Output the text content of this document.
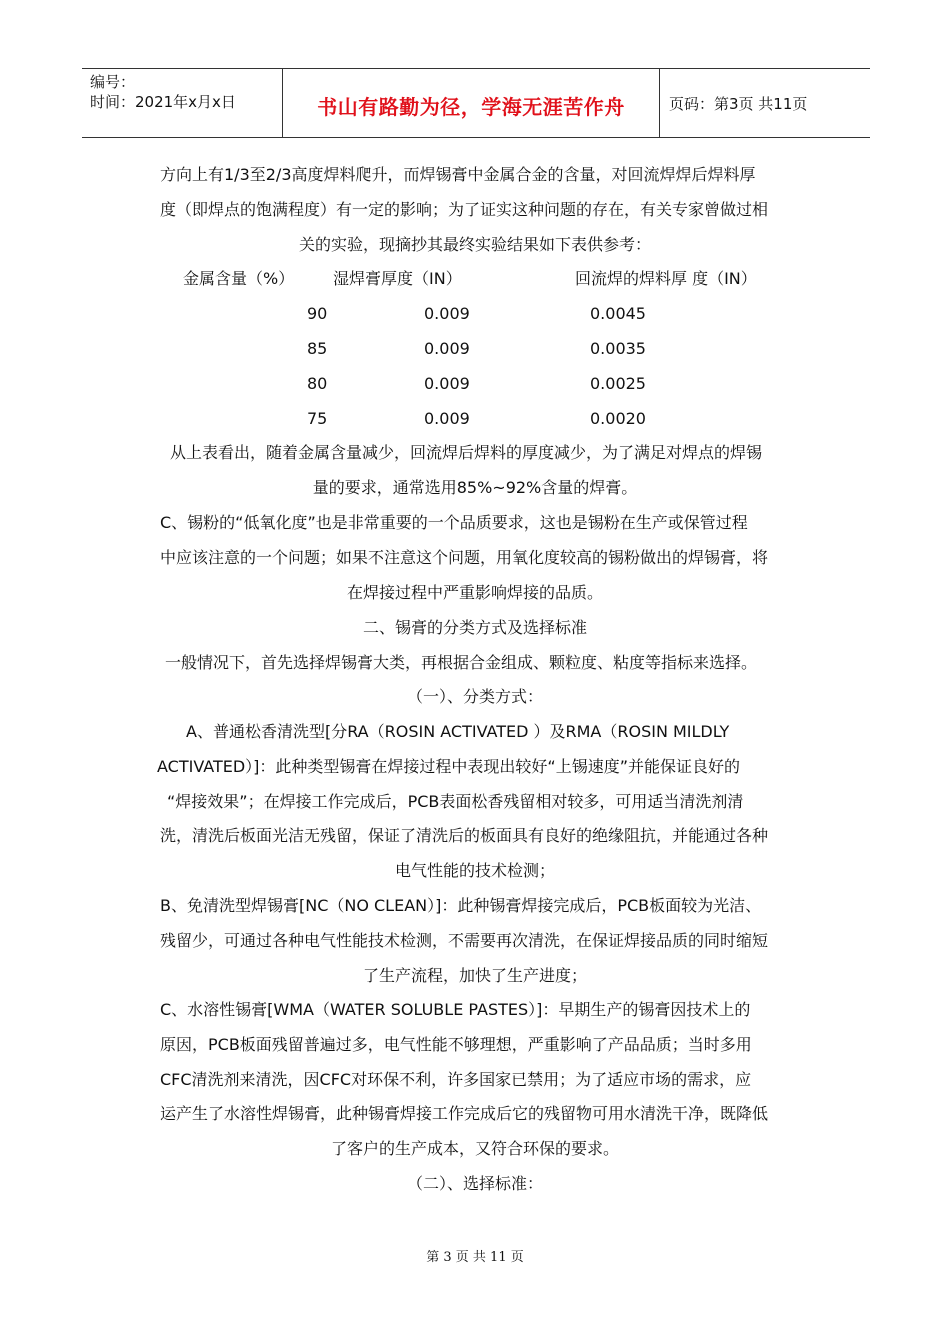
编号：
时间：2021年x月x日	书山有路勤为径，学海无涯苦作舟	页码：第3页 共11页
方向上有1/3至2/3高度焊料爬升，而焊锡膏中金属合金的含量，对回流焊焊后焊料厚
度（即焊点的饱满程度）有一定的影响；为了证实这种问题的存在，有关专家曾做过相
关的实验，现摘抄其最终实验结果如下表供参考：
金属含量（%） 湿焊膏厚度（IN）	回流焊的焊料厚 度（IN）
90	0.009	0.0045
85	0.009	0.0035
80	0.009	0.0025
75	0.009	0.0020
从上表看出，随着金属含量减少，回流焊后焊料的厚度减少，为了满足对焊点的焊锡
量的要求，通常选用85%~92%含量的焊膏。
C、锡粉的“低氧化度”也是非常重要的一个品质要求，这也是锡粉在生产或保管过程
中应该注意的一个问题；如果不注意这个问题，用氧化度较高的锡粉做出的焊锡膏，将
在焊接过程中严重影响焊接的品质。
二、锡膏的分类方式及选择标准
一般情况下，首先选择焊锡膏大类，再根据合金组成、颗粒度、粘度等指标来选择。
（一）、分类方式：
A、普通松香清洗型[分RA（ROSIN ACTIVATED ）及RMA（ROSIN MILDLY
ACTIVATED）]：此种类型锡膏在焊接过程中表现出较好“上锡速度”并能保证良好的
“焊接效果”；在焊接工作完成后，PCB表面松香残留相对较多，可用适当清洗剂清
洗，清洗后板面光洁无残留，保证了清洗后的板面具有良好的绝缘阻抗，并能通过各种
电气性能的技术检测；
B、免清洗型焊锡膏[NC（NO CLEAN）]：此种锡膏焊接完成后，PCB板面较为光洁、
残留少，可通过各种电气性能技术检测，不需要再次清洗，在保证焊接品质的同时缩短
了生产流程，加快了生产进度；
C、水溶性锡膏[WMA（WATER SOLUBLE PASTES）]：早期生产的锡膏因技术上的
原因，PCB板面残留普遍过多，电气性能不够理想，严重影响了产品品质；当时多用
CFC清洗剂来清洗，因CFC对环保不利，许多国家已禁用；为了适应市场的需求，应
运产生了水溶性焊锡膏，此种锡膏焊接工作完成后它的残留物可用水清洗干净，既降低
了客户的生产成本，又符合环保的要求。
（二）、选择标准：
第 3 页 共 11 页
